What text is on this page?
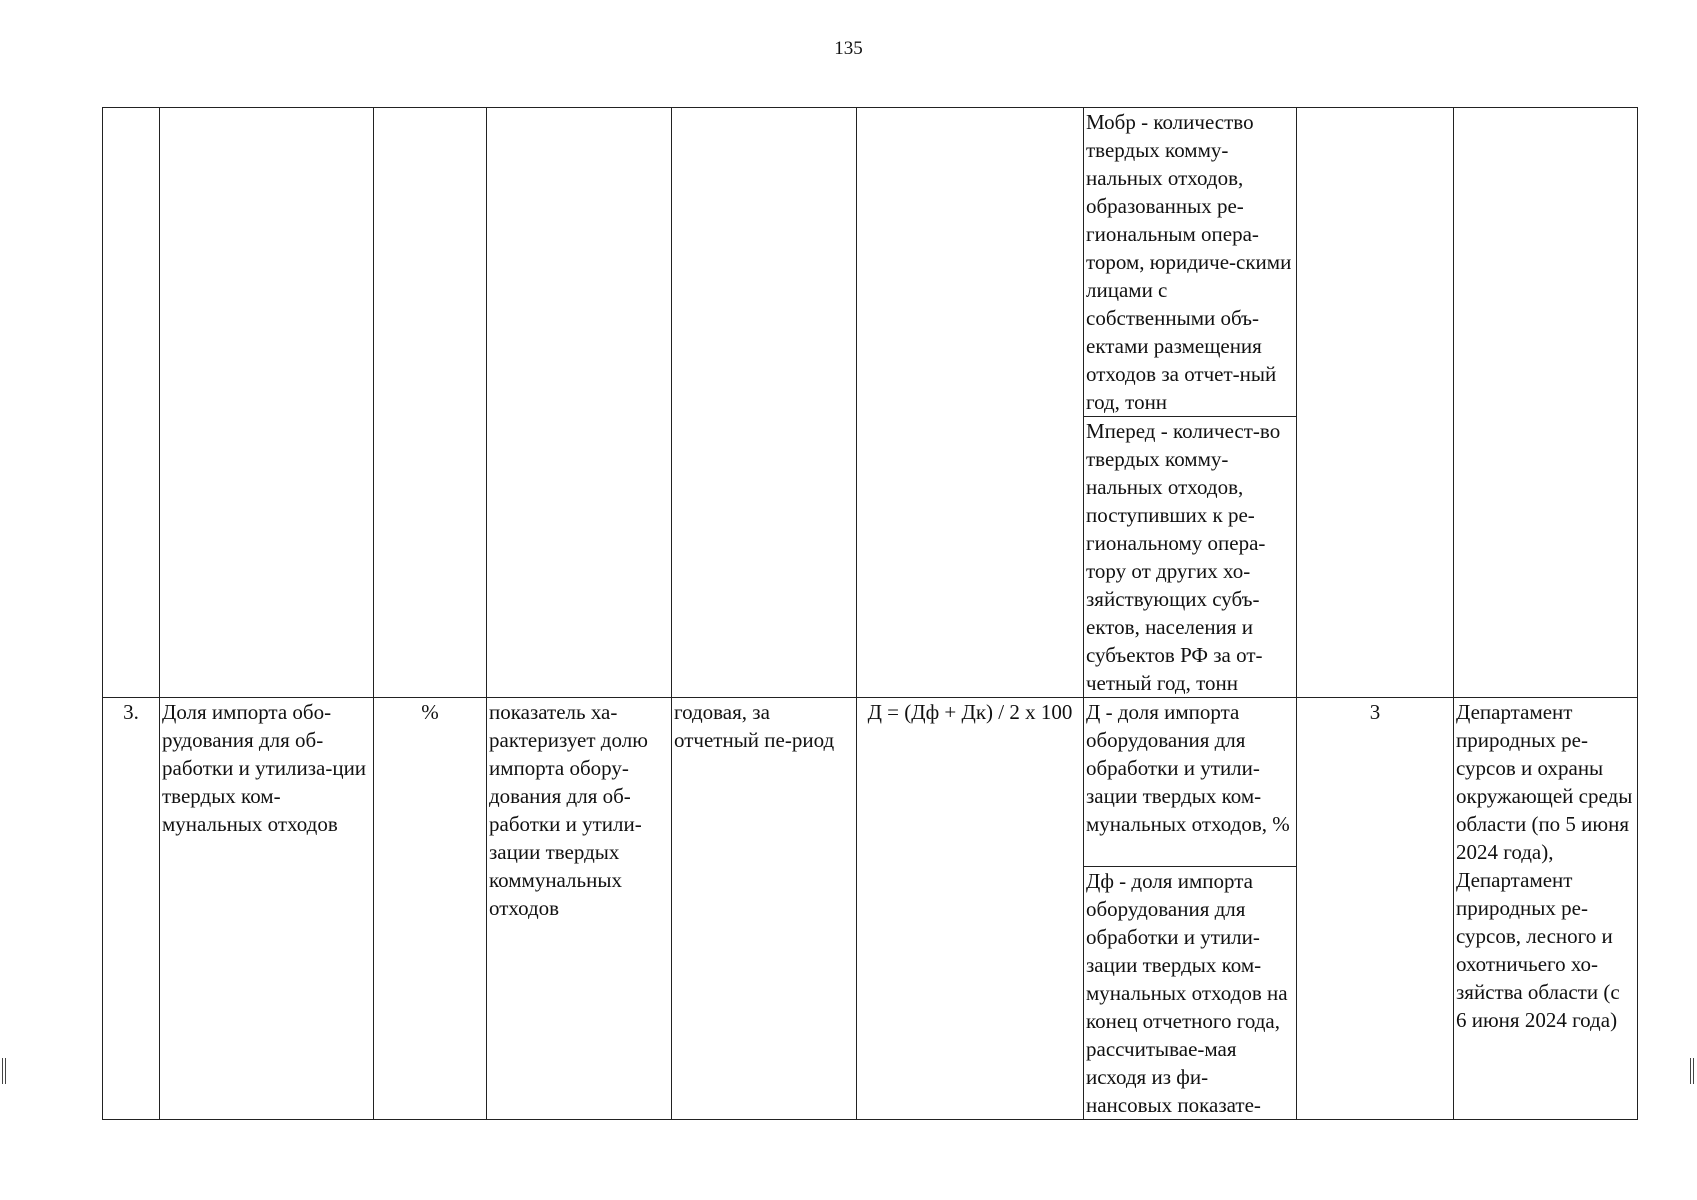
135
						Мобр - количество твердых комму-нальных отходов, образованных ре-гиональным опера-тором, юридиче-скими лицами с собственными объ-ектами размещения отходов за отчет-ный год, тонн		
						Мперед - количест-во твердых комму-нальных отходов, поступивших к ре-гиональному опера-тору от других хо-зяйствующих субъ-ектов, населения и субъектов РФ за от-четный год, тонн		
3.	Доля импорта обо-рудования для об-работки и утилиза-ции твердых ком-мунальных отходов	%	показатель ха-рактеризует долю импорта обору-дования для об-работки и утили-зации твердых коммунальных отходов	годовая, за отчетный пе-риод	Д = (Дф + Дк) / 2 x 100	Д - доля импорта оборудования для обработки и утили-зации твердых ком-мунальных отходов, %	3	Департамент природных ре-сурсов и охраны окружающей среды области (по 5 июня 2024 года), Департамент природных ре-сурсов, лесного и охотничьего хо-зяйства области (с 6 июня 2024 года)
						Дф - доля импорта оборудования для обработки и утили-зации твердых ком-мунальных отходов на конец отчетного года, рассчитывае-мая исходя из фи-нансовых показате-		
